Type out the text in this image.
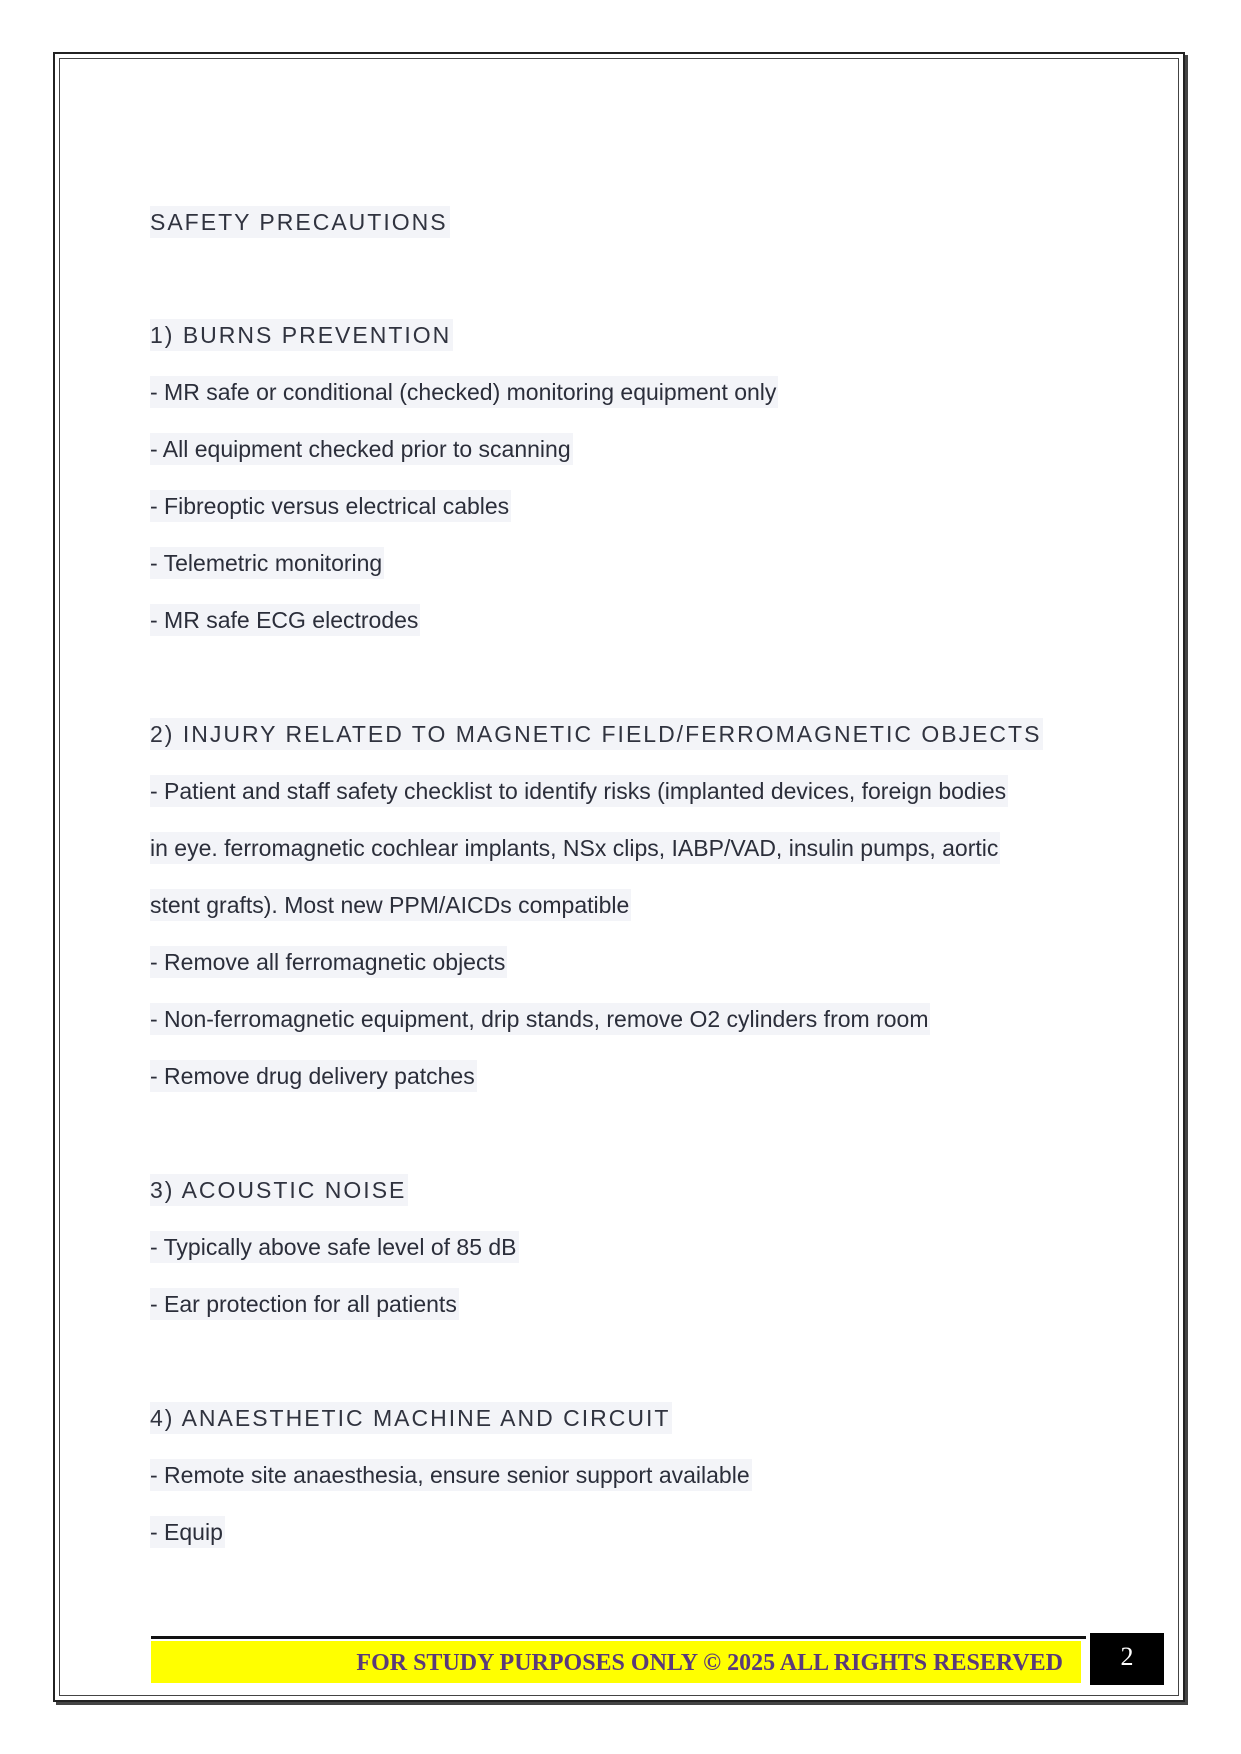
SAFETY PRECAUTIONS
1) BURNS PREVENTION
- MR safe or conditional (checked) monitoring equipment only
- All equipment checked prior to scanning
- Fibreoptic versus electrical cables
- Telemetric monitoring
- MR safe ECG electrodes
2) INJURY RELATED TO MAGNETIC FIELD/FERROMAGNETIC OBJECTS
- Patient and staff safety checklist to identify risks (implanted devices, foreign bodies
in eye. ferromagnetic cochlear implants, NSx clips, IABP/VAD, insulin pumps, aortic
stent grafts). Most new PPM/AICDs compatible
- Remove all ferromagnetic objects
- Non-ferromagnetic equipment, drip stands, remove O2 cylinders from room
- Remove drug delivery patches
3) ACOUSTIC NOISE
- Typically above safe level of 85 dB
- Ear protection for all patients
4) ANAESTHETIC MACHINE AND CIRCUIT
- Remote site anaesthesia, ensure senior support available
- Equip
FOR STUDY PURPOSES ONLY © 2025 ALL RIGHTS RESERVED	2
